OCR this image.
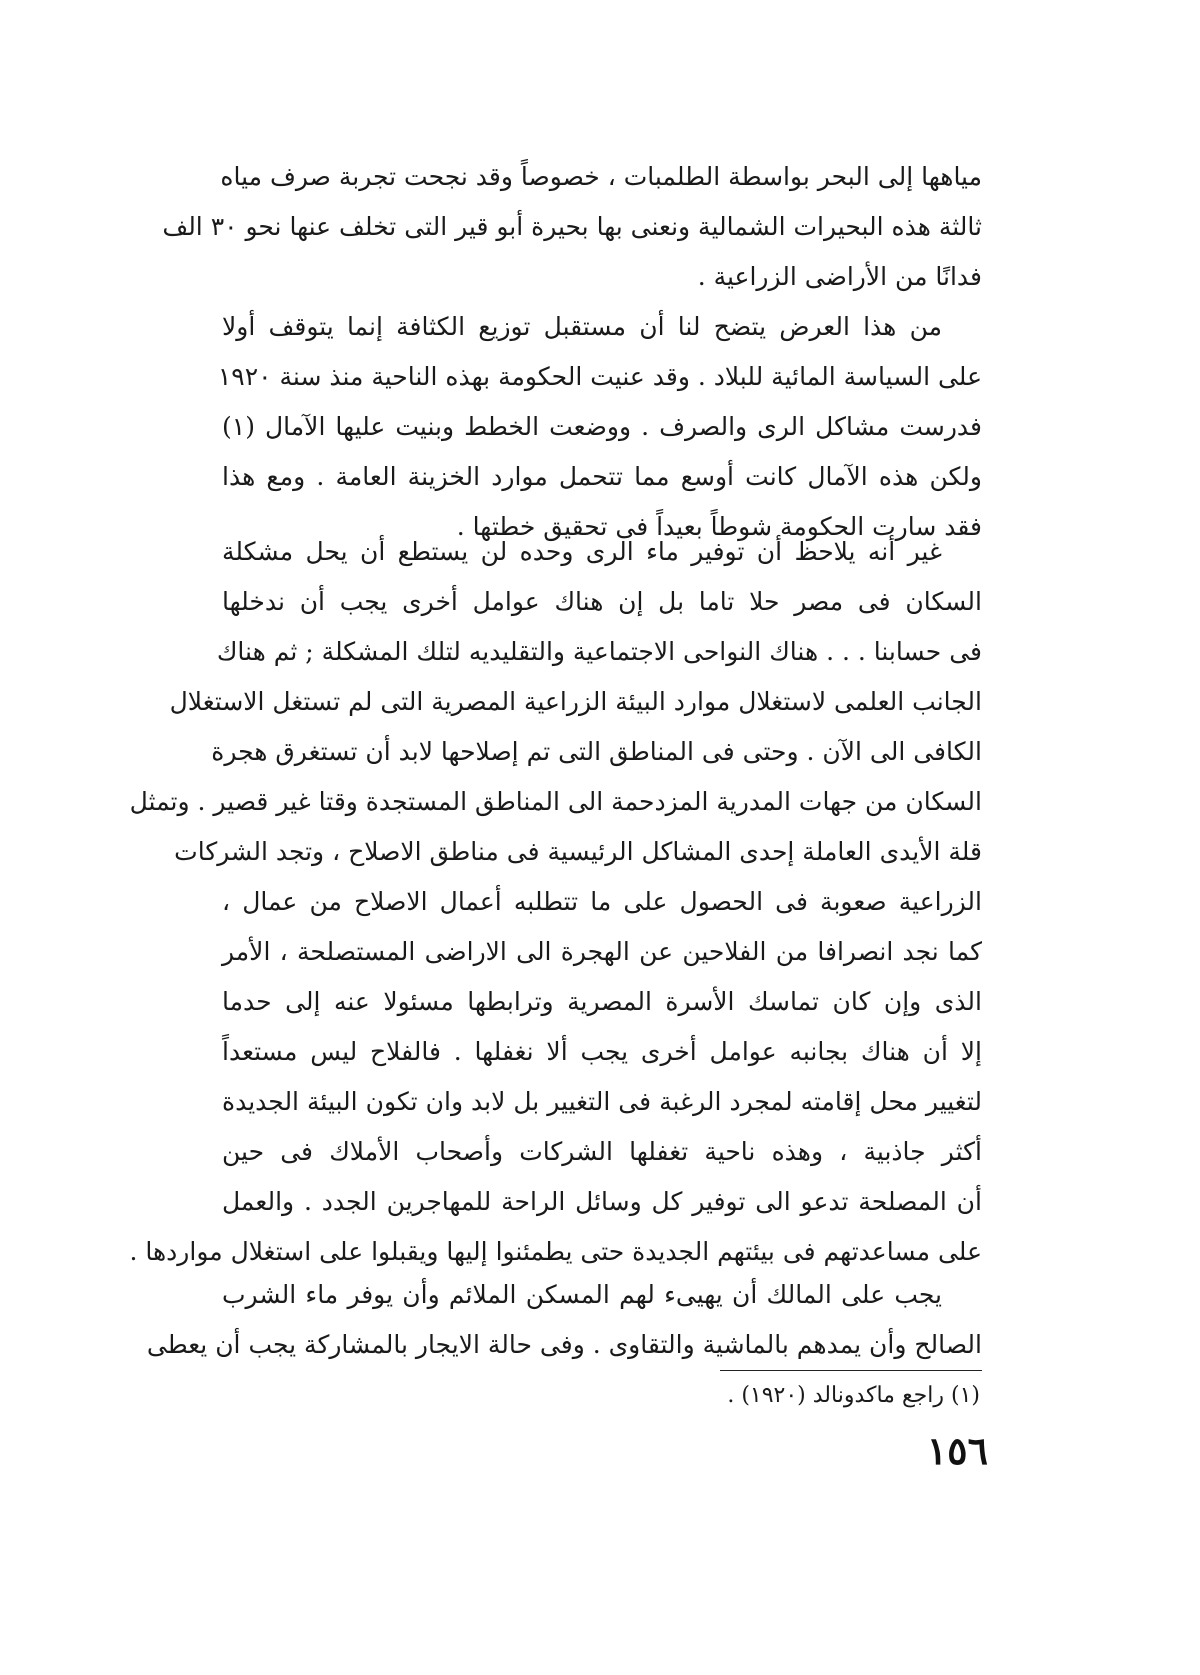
مياهها إلى البحر بواسطة الطلمبات ، خصوصاً وقد نجحت تجربة صرف مياه
ثالثة هذه البحيرات الشمالية ونعنى بها بحيرة أبو قير التى تخلف عنها نحو ٣٠ الف
فدانًا من الأراضى الزراعية .
من هذا العرض يتضح لنا أن مستقبل توزيع الكثافة إنما يتوقف أولا
على السياسة المائية للبلاد . وقد عنيت الحكومة بهذه الناحية منذ سنة ١٩٢٠
فدرست مشاكل الرى والصرف . ووضعت الخطط وبنيت عليها الآمال (١)
ولكن هذه الآمال كانت أوسع مما تتحمل موارد الخزينة العامة . ومع هذا
فقد سارت الحكومة شوطاً بعيداً فى تحقيق خطتها .
غير أنه يلاحظ أن توفير ماء الرى وحده لن يستطع أن يحل مشكلة
السكان فى مصر حلا تاما بل إن هناك عوامل أخرى يجب أن ندخلها
فى حسابنا . . . هناك النواحى الاجتماعية والتقليديه لتلك المشكلة ; ثم هناك
الجانب العلمى لاستغلال موارد البيئة الزراعية المصرية التى لم تستغل الاستغلال
الكافى الى الآن . وحتى فى المناطق التى تم إصلاحها لابد أن تستغرق هجرة
السكان من جهات المدرية المزدحمة الى المناطق المستجدة وقتا غير قصير . وتمثل
قلة الأيدى العاملة إحدى المشاكل الرئيسية فى مناطق الاصلاح ، وتجد الشركات
الزراعية صعوبة فى الحصول على ما تتطلبه أعمال الاصلاح من عمال ،
كما نجد انصرافا من الفلاحين عن الهجرة الى الاراضى المستصلحة ، الأمر
الذى وإن كان تماسك الأسرة المصرية وترابطها مسئولا عنه إلى حدما
إلا أن هناك بجانبه عوامل أخرى يجب ألا نغفلها . فالفلاح ليس مستعداً
لتغيير محل إقامته لمجرد الرغبة فى التغيير بل لابد وان تكون البيئة الجديدة
أكثر جاذبية ، وهذه ناحية تغفلها الشركات وأصحاب الأملاك فى حين
أن المصلحة تدعو الى توفير كل وسائل الراحة للمهاجرين الجدد . والعمل
على مساعدتهم فى بيئتهم الجديدة حتى يطمئنوا إليها ويقبلوا على استغلال مواردها .
يجب على المالك أن يهيىء لهم المسكن الملائم وأن يوفر ماء الشرب
الصالح وأن يمدهم بالماشية والتقاوى . وفى حالة الايجار بالمشاركة يجب أن يعطى
(١) راجع ماكدونالد (١٩٢٠) .
١٥٦
